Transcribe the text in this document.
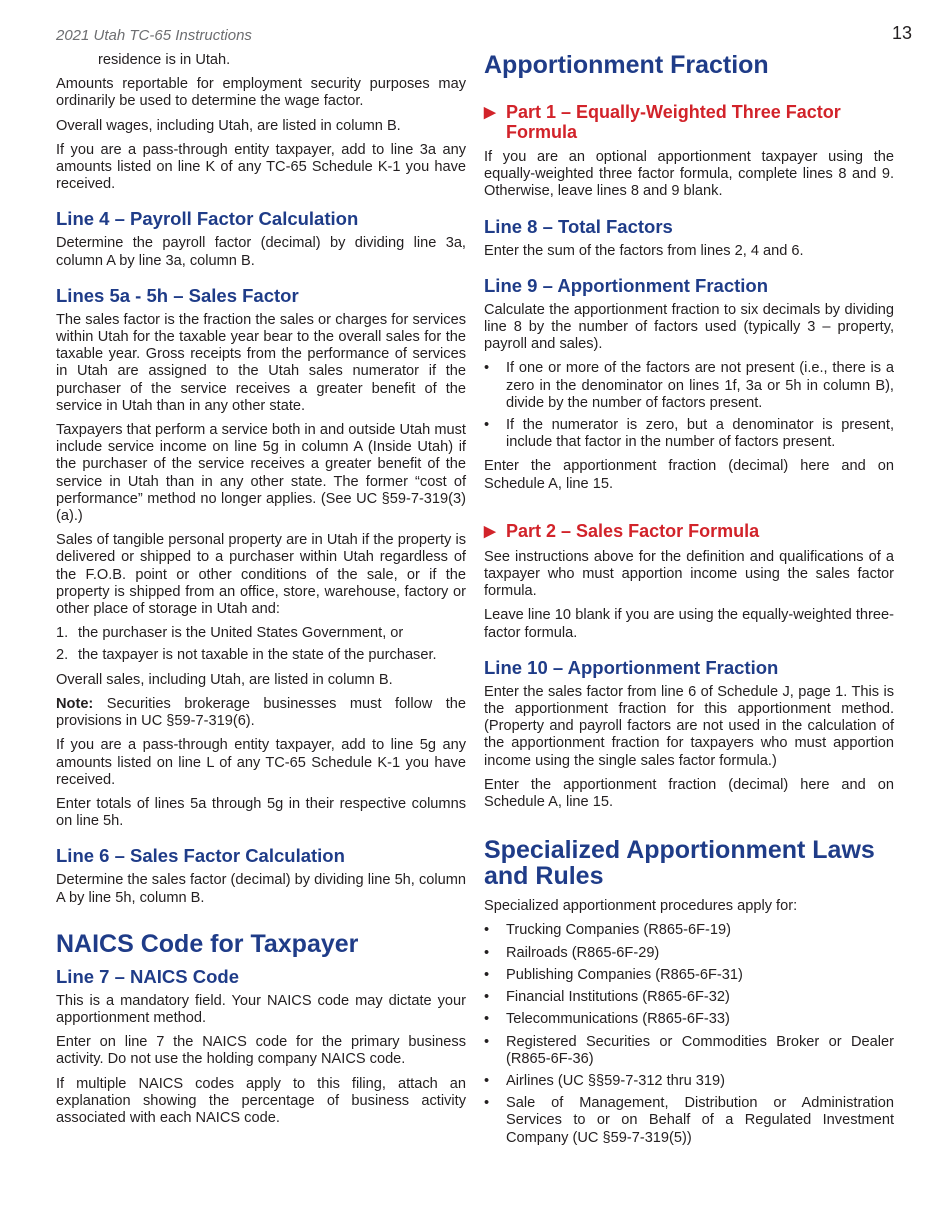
2021 Utah TC-65 Instructions	13

residence is in Utah.

Amounts reportable for employment security purposes may ordinarily be used to determine the wage factor.

Overall wages, including Utah, are listed in column B.

If you are a pass-through entity taxpayer, add to line 3a any amounts listed on line K of any TC-65 Schedule K-1 you have received.

Line 4 – Payroll Factor Calculation

Determine the payroll factor (decimal) by dividing line 3a, column A by line 3a, column B.

Lines 5a - 5h – Sales Factor

The sales factor is the fraction the sales or charges for services within Utah for the taxable year bear to the overall sales for the taxable year. Gross receipts from the performance of services in Utah are assigned to the Utah sales numerator if the purchaser of the service receives a greater benefit of the service in Utah than in any other state.

Taxpayers that perform a service both in and outside Utah must include service income on line 5g in column A (Inside Utah) if the purchaser of the service receives a greater benefit of the service in Utah than in any other state. The former “cost of performance” method no longer applies. (See UC §59-7-319(3)(a).)

Sales of tangible personal property are in Utah if the property is delivered or shipped to a purchaser within Utah regardless of the F.O.B. point or other conditions of the sale, or if the property is shipped from an office, store, warehouse, factory or other place of storage in Utah and:

1. the purchaser is the United States Government, or
2. the taxpayer is not taxable in the state of the purchaser.

Overall sales, including Utah, are listed in column B.

Note: Securities brokerage businesses must follow the provisions in UC §59-7-319(6).

If you are a pass-through entity taxpayer, add to line 5g any amounts listed on line L of any TC-65 Schedule K-1 you have received.

Enter totals of lines 5a through 5g in their respective columns on line 5h.

Line 6 – Sales Factor Calculation

Determine the sales factor (decimal) by dividing line 5h, column A by line 5h, column B.

NAICS Code for Taxpayer
Line 7 – NAICS Code

This is a mandatory field. Your NAICS code may dictate your apportionment method.

Enter on line 7 the NAICS code for the primary business activity. Do not use the holding company NAICS code.

If multiple NAICS codes apply to this filing, attach an explanation showing the percentage of business activity associated with each NAICS code.

Apportionment Fraction
▶ Part 1 – Equally-Weighted Three Factor Formula

If you are an optional apportionment taxpayer using the equally-weighted three factor formula, complete lines 8 and 9. Otherwise, leave lines 8 and 9 blank.

Line 8 – Total Factors

Enter the sum of the factors from lines 2, 4 and 6.

Line 9 – Apportionment Fraction

Calculate the apportionment fraction to six decimals by dividing line 8 by the number of factors used (typically 3 – property, payroll and sales).

•	If one or more of the factors are not present (i.e., there is a zero in the denominator on lines 1f, 3a or 5h in column B), divide by the number of factors present.
•	If the numerator is zero, but a denominator is present, include that factor in the number of factors present.

Enter the apportionment fraction (decimal) here and on Schedule A, line 15.

▶ Part 2 – Sales Factor Formula

See instructions above for the definition and qualifications of a taxpayer who must apportion income using the sales factor formula.

Leave line 10 blank if you are using the equally-weighted three-factor formula.

Line 10 – Apportionment Fraction

Enter the sales factor from line 6 of Schedule J, page 1. This is the apportionment fraction for this apportionment method. (Property and payroll factors are not used in the calculation of the apportionment fraction for taxpayers who must apportion income using the single sales factor formula.)

Enter the apportionment fraction (decimal) here and on Schedule A, line 15.

Specialized Apportionment Laws and Rules

Specialized apportionment procedures apply for:

•	Trucking Companies (R865-6F-19)
•	Railroads (R865-6F-29)
•	Publishing Companies (R865-6F-31)
•	Financial Institutions (R865-6F-32)
•	Telecommunications (R865-6F-33)
•	Registered Securities or Commodities Broker or Dealer (R865-6F-36)
•	Airlines (UC §§59-7-312 thru 319)
•	Sale of Management, Distribution or Administration Services to or on Behalf of a Regulated Investment Company (UC §59-7-319(5))
